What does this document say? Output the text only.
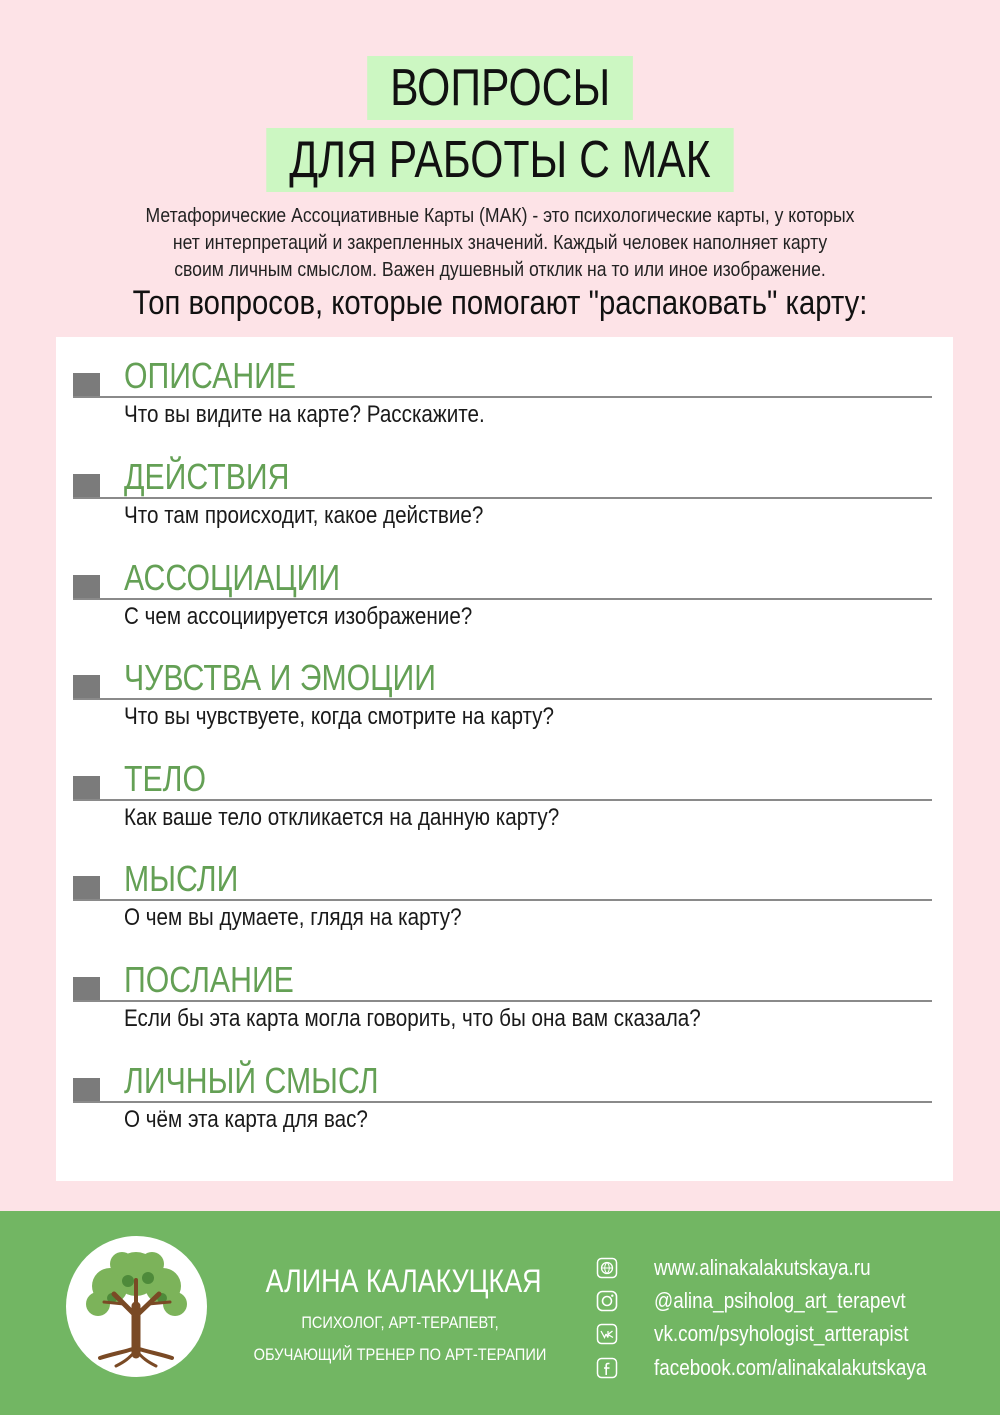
ВОПРОСЫ
ДЛЯ РАБОТЫ С МАК
Метафорические Ассоциативные Карты (МАК) - это психологические карты, у которых
нет интерпретаций и закрепленных значений. Каждый человек наполняет карту
своим личным смыслом. Важен душевный отклик на то или иное изображение.
Топ вопросов, которые помогают "распаковать" карту:
ОПИСАНИЕ
Что вы видите на карте? Расскажите.
ДЕЙСТВИЯ
Что там происходит, какое действие?
АССОЦИАЦИИ
С чем ассоциируется изображение?
ЧУВСТВА И ЭМОЦИИ
Что вы чувствуете, когда смотрите на карту?
ТЕЛО
Как ваше тело откликается на данную карту?
МЫСЛИ
О чем вы думаете, глядя на карту?
ПОСЛАНИЕ
Если бы эта карта могла говорить, что бы она вам сказала?
ЛИЧНЫЙ СМЫСЛ
О чём эта карта для вас?
АЛИНА КАЛАКУЦКАЯ
ПСИХОЛОГ, АРТ-ТЕРАПЕВТ,
ОБУЧАЮЩИЙ ТРЕНЕР ПО АРТ-ТЕРАПИИ
www.alinakalakutskaya.ru
@alina_psiholog_art_terapevt
vk.com/psyhologist_artterapist
facebook.com/alinakalakutskaya
